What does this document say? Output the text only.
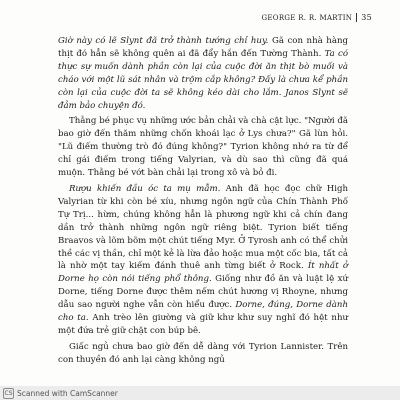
GEORGE R. R. MARTIN 35

Giờ này có lẽ Slynt đã trở thành tướng chỉ huy. Gã con nhà hàng thịt đó hẳn sẽ không quên ai đã đẩy hắn đến Tường Thành. Ta có thực sự muốn dành phần còn lại của cuộc đời ăn thịt bò muối và cháo với một lũ sát nhân và trộm cắp không? Đấy là chưa kể phần còn lại của cuộc đời ta sẽ không kéo dài cho lắm. Janos Slynt sẽ đảm bảo chuyện đó.

Thằng bé phục vụ những ước bản chải và chà cật lực. "Người đã bao giờ đến thăm những chốn khoái lạc ở Lys chưa?" Gã lùn hỏi. "Lũ điếm thường trò đó đúng không?" Tyrion không nhớ ra từ để chỉ gái điếm trong tiếng Valyrian, và dù sao thì cũng đã quá muộn. Thằng bé vớt bàn chải lại trong xô và bỏ đi.

Rượu khiến đầu óc ta mụ mẫm. Anh đã học đọc chữ High Valyrian từ khi còn bé xíu, nhưng ngôn ngữ của Chín Thành Phố Tự Trị... hừm, chúng không hẳn là phương ngữ khi cả chín đang dần trở thành những ngôn ngữ riêng biệt. Tyrion biết tiếng Braavos và lõm bõm một chút tiếng Myr. Ở Tyrosh anh có thể chửi thề các vị thần, chỉ một kẻ là lừa đảo hoặc mua một cốc bia, tất cả là nhờ một tay kiếm đánh thuê anh từng biết ở Rock. Ít nhất ở Dorne họ còn nói tiếng phổ thông. Giống như đồ ăn và luật lệ xứ Dorne, tiếng Dorne được thêm nếm chút hương vị Rhoyne, nhưng dẫu sao người nghe vẫn còn hiểu được. Dorne, đúng, Dorne dành cho ta. Anh trèo lên giường và giữ khư khư suy nghĩ đó hệt như một đứa trẻ giữ chặt con búp bê.

Giấc ngủ chưa bao giờ đến dễ dàng với Tyrion Lannister. Trên con thuyền đó anh lại càng không ngủ

CS Scanned with CamScanner
